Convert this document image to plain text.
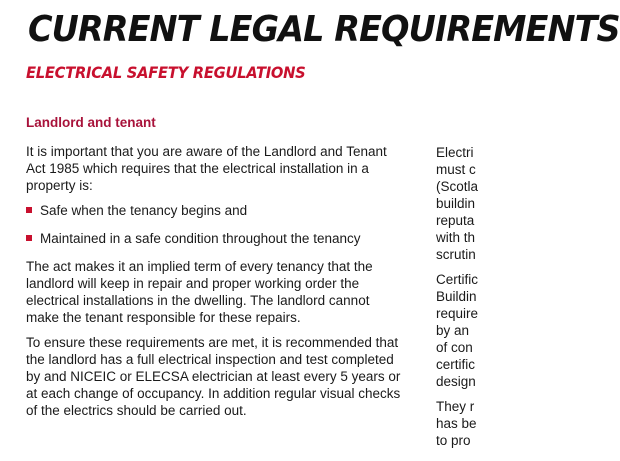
CURRENT LEGAL REQUIREMENTS
ELECTRICAL SAFETY REGULATIONS
Landlord and tenant

It is important that you are aware of the Landlord and Tenant Act 1985 which requires that the electrical installation in a property is:

Safe when the tenancy begins and
Maintained in a safe condition throughout the tenancy

The act makes it an implied term of every tenancy that the landlord will keep in repair and proper working order the electrical installations in the dwelling. The landlord cannot make the tenant responsible for these repairs.

To ensure these requirements are met, it is recommended that the landlord has a full electrical inspection and test completed by and NICEIC or ELECSA electrician at least every 5 years or at each change of occupancy. In addition regular visual checks of the electrics should be carried out.

Electri

must c

(Scotla

buildin

reputa

with th

scrutin

Certific

Buildin

require

by an

of con

certific

design

They r

has be

to pro
